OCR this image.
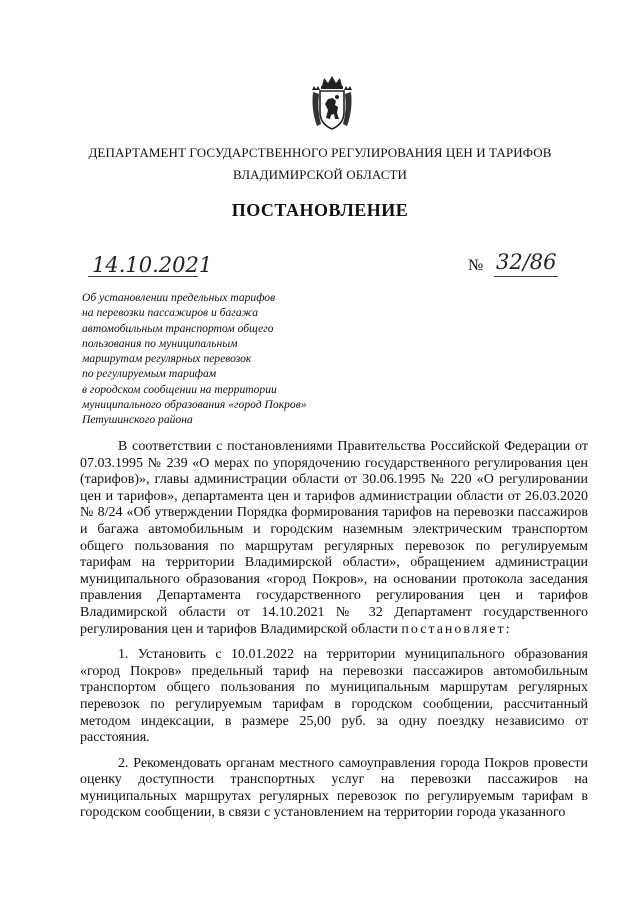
ДЕПАРТАМЕНТ ГОСУДАРСТВЕННОГО РЕГУЛИРОВАНИЯ ЦЕН И ТАРИФОВ
ВЛАДИМИРСКОЙ ОБЛАСТИ
ПОСТАНОВЛЕНИЕ
14.10.2021	№ 32/86
Об установлении предельных тарифов
на перевозки пассажиров и багажа
автомобильным транспортом общего
пользования по муниципальным
маршрутам регулярных перевозок
по регулируемым тарифам
в городском сообщении на территории
муниципального образования «город Покров»
Петушинского района

В соответствии с постановлениями Правительства Российской Федерации от 07.03.1995 № 239 «О мерах по упорядочению государственного регулирования цен (тарифов)», главы администрации области от 30.06.1995 № 220 «О регулировании цен и тарифов», департамента цен и тарифов администрации области от 26.03.2020 № 8/24 «Об утверждении Порядка формирования тарифов на перевозки пассажиров и багажа автомобильным и городским наземным электрическим транспортом общего пользования по маршрутам регулярных перевозок по регулируемым тарифам на территории Владимирской области», обращением администрации муниципального образования «город Покров», на основании протокола заседания правления Департамента государственного регулирования цен и тарифов Владимирской области от 14.10.2021 № 32 Департамент государственного регулирования цен и тарифов Владимирской области постановляет:

1. Установить с 10.01.2022 на территории муниципального образования «город Покров» предельный тариф на перевозки пассажиров автомобильным транспортом общего пользования по муниципальным маршрутам регулярных перевозок по регулируемым тарифам в городском сообщении, рассчитанный методом индексации, в размере 25,00 руб. за одну поездку независимо от расстояния.

2. Рекомендовать органам местного самоуправления города Покров провести оценку доступности транспортных услуг на перевозки пассажиров на муниципальных маршрутах регулярных перевозок по регулируемым тарифам в городском сообщении, в связи с установлением на территории города указанного
